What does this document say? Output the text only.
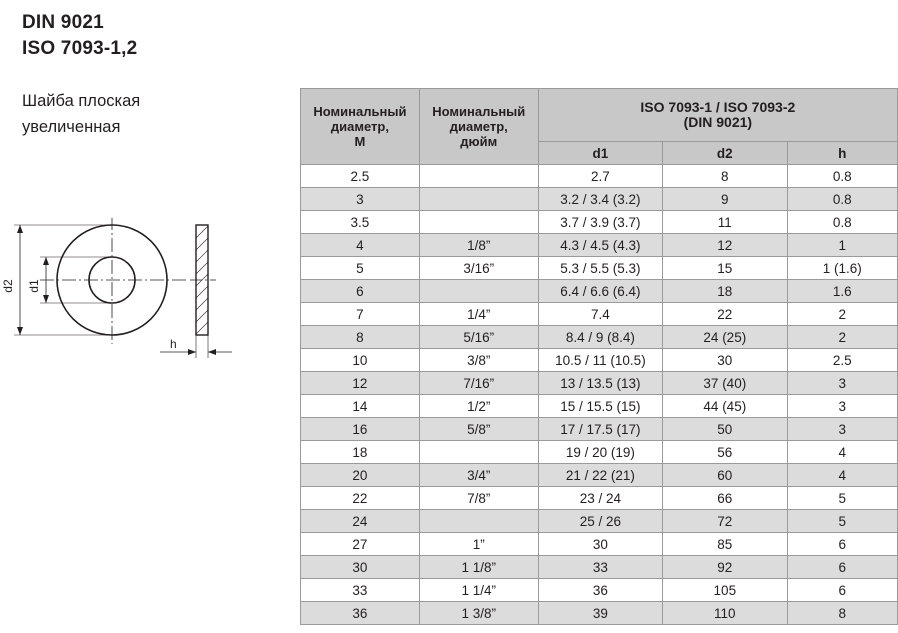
DIN 9021
ISO 7093-1,2
Шайба плоская
увеличенная
d2 d1
h
Номинальный
диаметр,
M

Номинальный
диаметр,
дюйм

ISO 7093-1 / ISO 7093-2
(DIN 9021)

		d1	d2	h
2.5		2.7	8	0.8
3		3.2 / 3.4 (3.2)	9	0.8
3.5		3.7 / 3.9 (3.7)	11	0.8
4	1/8”	4.3 / 4.5 (4.3)	12	1
5	3/16”	5.3 / 5.5 (5.3)	15	1 (1.6)
6		6.4 / 6.6 (6.4)	18	1.6
7	1/4”	7.4	22	2
8	5/16”	8.4 / 9 (8.4)	24 (25)	2
10	3/8”	10.5 / 11 (10.5)	30	2.5
12	7/16”	13 / 13.5 (13)	37 (40)	3
14	1/2”	15 / 15.5 (15)	44 (45)	3
16	5/8”	17 / 17.5 (17)	50	3
18		19 / 20 (19)	56	4
20	3/4”	21 / 22 (21)	60	4
22	7/8”	23 / 24	66	5
24		25 / 26	72	5
27	1”	30	85	6
30	1 1/8”	33	92	6
33	1 1/4”	36	105	6
36	1 3/8”	39	110	8
